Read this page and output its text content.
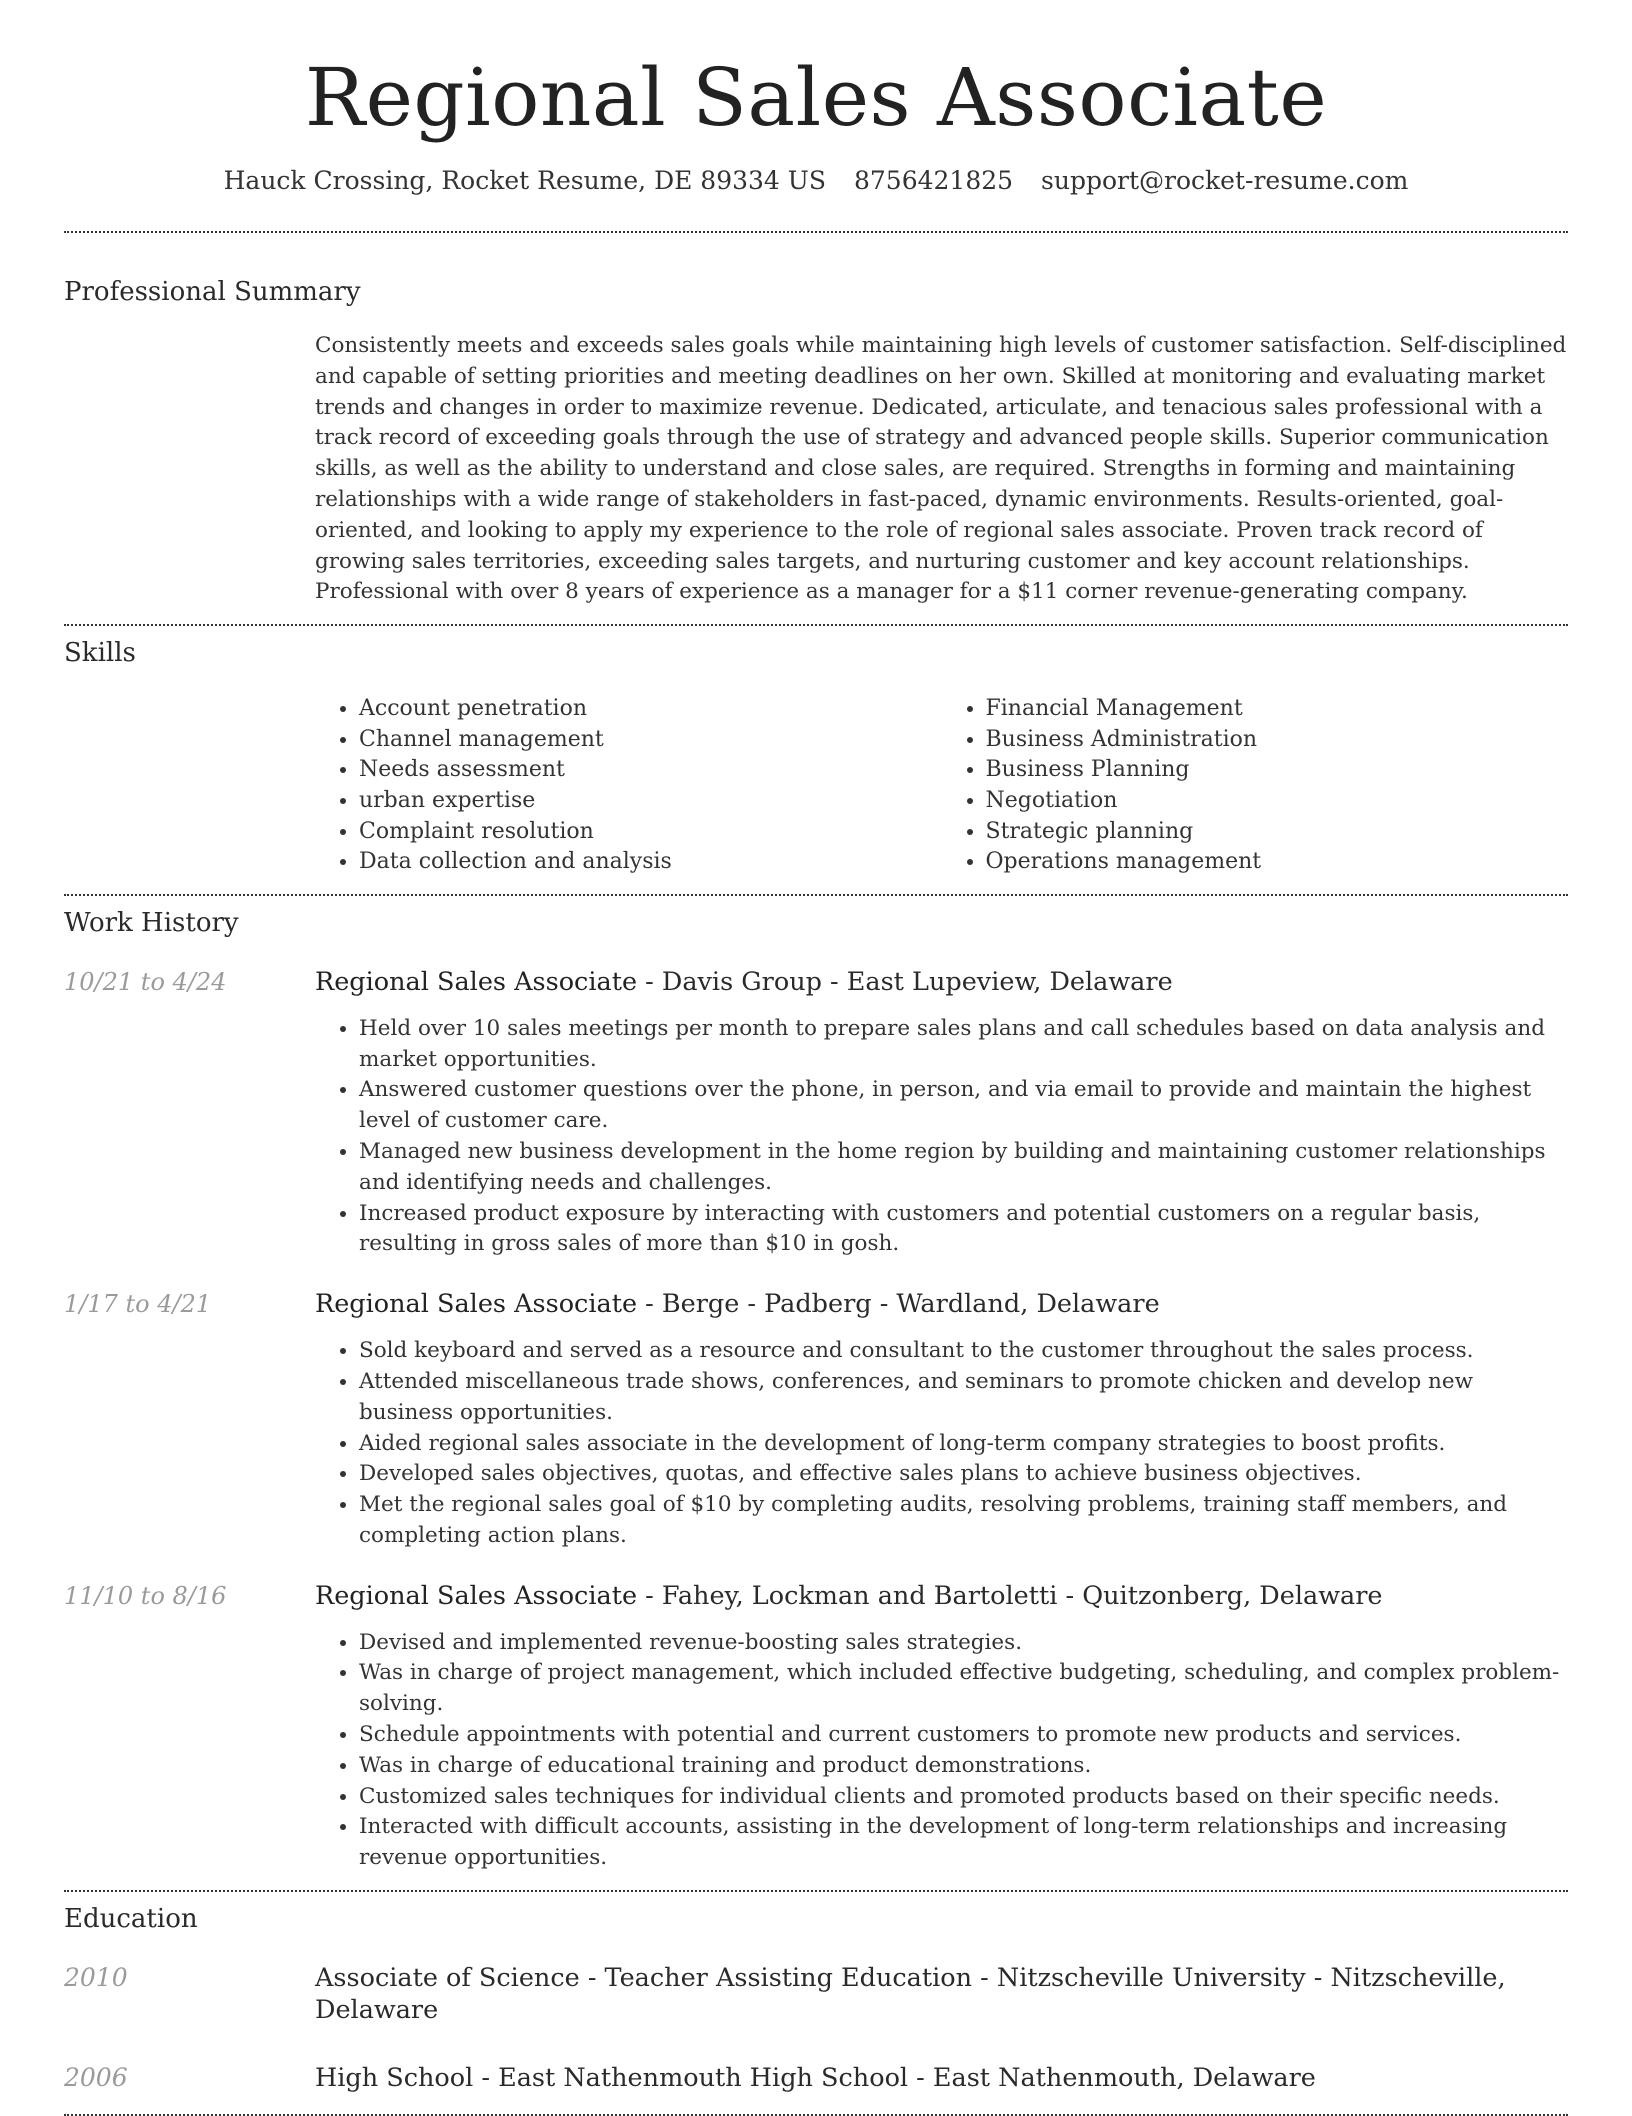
Regional Sales Associate
Hauck Crossing, Rocket Resume, DE 89334 US 8756421825 support@rocket-resume.com
Professional Summary
Consistently meets and exceeds sales goals while maintaining high levels of customer satisfaction. Self-disciplined and capable of setting priorities and meeting deadlines on her own. Skilled at monitoring and evaluating market trends and changes in order to maximize revenue. Dedicated, articulate, and tenacious sales professional with a track record of exceeding goals through the use of strategy and advanced people skills. Superior communication skills, as well as the ability to understand and close sales, are required. Strengths in forming and maintaining relationships with a wide range of stakeholders in fast-paced, dynamic environments. Results-oriented, goal-oriented, and looking to apply my experience to the role of regional sales associate. Proven track record of growing sales territories, exceeding sales targets, and nurturing customer and key account relationships. Professional with over 8 years of experience as a manager for a $11 corner revenue-generating company.
Skills
• Account penetration
• Channel management
• Needs assessment
• urban expertise
• Complaint resolution
• Data collection and analysis
• Financial Management
• Business Administration
• Business Planning
• Negotiation
• Strategic planning
• Operations management
Work History
10/21 to 4/24	Regional Sales Associate - Davis Group - East Lupeview, Delaware
• Held over 10 sales meetings per month to prepare sales plans and call schedules based on data analysis and market opportunities.
• Answered customer questions over the phone, in person, and via email to provide and maintain the highest level of customer care.
• Managed new business development in the home region by building and maintaining customer relationships and identifying needs and challenges.
• Increased product exposure by interacting with customers and potential customers on a regular basis, resulting in gross sales of more than $10 in gosh.
1/17 to 4/21	Regional Sales Associate - Berge - Padberg - Wardland, Delaware
• Sold keyboard and served as a resource and consultant to the customer throughout the sales process.
• Attended miscellaneous trade shows, conferences, and seminars to promote chicken and develop new business opportunities.
• Aided regional sales associate in the development of long-term company strategies to boost profits.
• Developed sales objectives, quotas, and effective sales plans to achieve business objectives.
• Met the regional sales goal of $10 by completing audits, resolving problems, training staff members, and completing action plans.
11/10 to 8/16	Regional Sales Associate - Fahey, Lockman and Bartoletti - Quitzonberg, Delaware
• Devised and implemented revenue-boosting sales strategies.
• Was in charge of project management, which included effective budgeting, scheduling, and complex problem-solving.
• Schedule appointments with potential and current customers to promote new products and services.
• Was in charge of educational training and product demonstrations.
• Customized sales techniques for individual clients and promoted products based on their specific needs.
• Interacted with difficult accounts, assisting in the development of long-term relationships and increasing revenue opportunities.
Education
2010	Associate of Science - Teacher Assisting Education - Nitzscheville University - Nitzscheville, Delaware
2006	High School - East Nathenmouth High School - East Nathenmouth, Delaware
